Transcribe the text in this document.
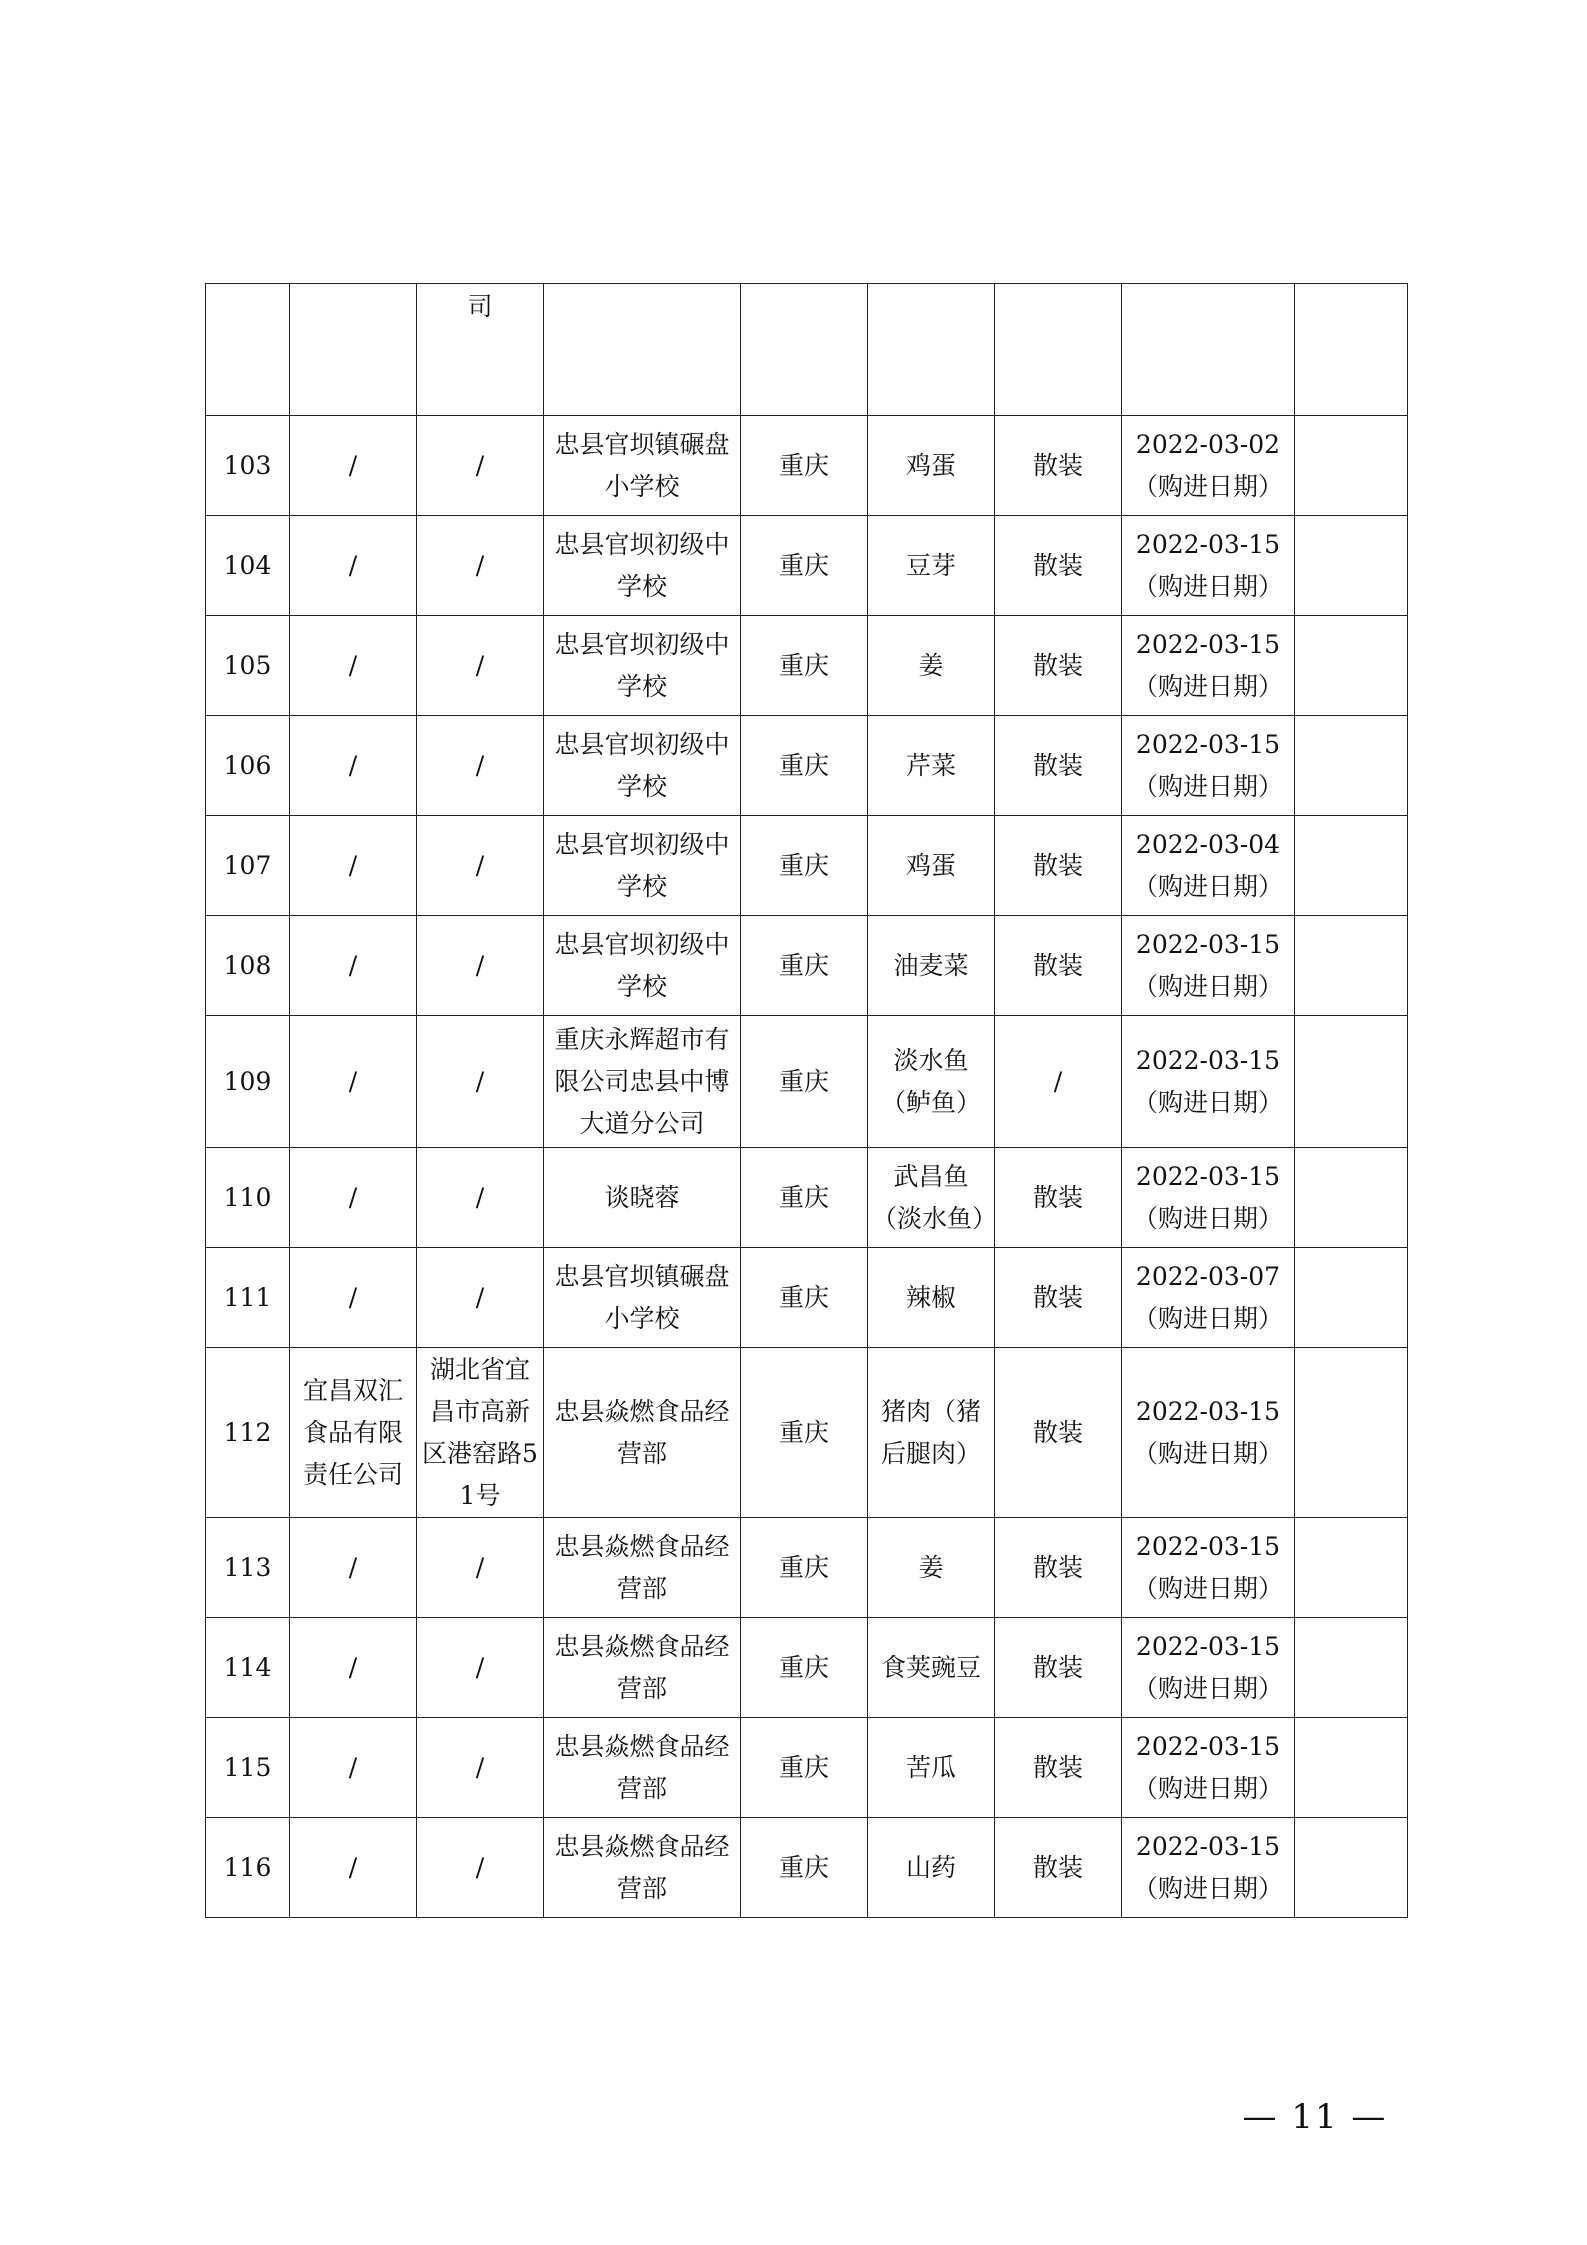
		司						
103	/	/	忠县官坝镇碾盘小学校	重庆	鸡蛋	散装	2022-03-02
（购进日期）	
104	/	/	忠县官坝初级中学校	重庆	豆芽	散装	2022-03-15
（购进日期）	
105	/	/	忠县官坝初级中学校	重庆	姜	散装	2022-03-15
（购进日期）	
106	/	/	忠县官坝初级中学校	重庆	芹菜	散装	2022-03-15
（购进日期）	
107	/	/	忠县官坝初级中学校	重庆	鸡蛋	散装	2022-03-04
（购进日期）	
108	/	/	忠县官坝初级中学校	重庆	油麦菜	散装	2022-03-15
（购进日期）	
109	/	/	重庆永辉超市有限公司忠县中博大道分公司	重庆	淡水鱼（鲈鱼）	/	2022-03-15
（购进日期）	
110	/	/	谈晓蓉	重庆	武昌鱼（淡水鱼）	散装	2022-03-15
（购进日期）	
111	/	/	忠县官坝镇碾盘小学校	重庆	辣椒	散装	2022-03-07
（购进日期）	
112	宜昌双汇食品有限责任公司	湖北省宜昌市高新区港窑路51号	忠县焱燃食品经营部	重庆	猪肉（猪后腿肉）	散装	2022-03-15
（购进日期）	
113	/	/	忠县焱燃食品经营部	重庆	姜	散装	2022-03-15
（购进日期）	
114	/	/	忠县焱燃食品经营部	重庆	食荚豌豆	散装	2022-03-15
（购进日期）	
115	/	/	忠县焱燃食品经营部	重庆	苦瓜	散装	2022-03-15
（购进日期）	
116	/	/	忠县焱燃食品经营部	重庆	山药	散装	2022-03-15
（购进日期）	
— 11 —
